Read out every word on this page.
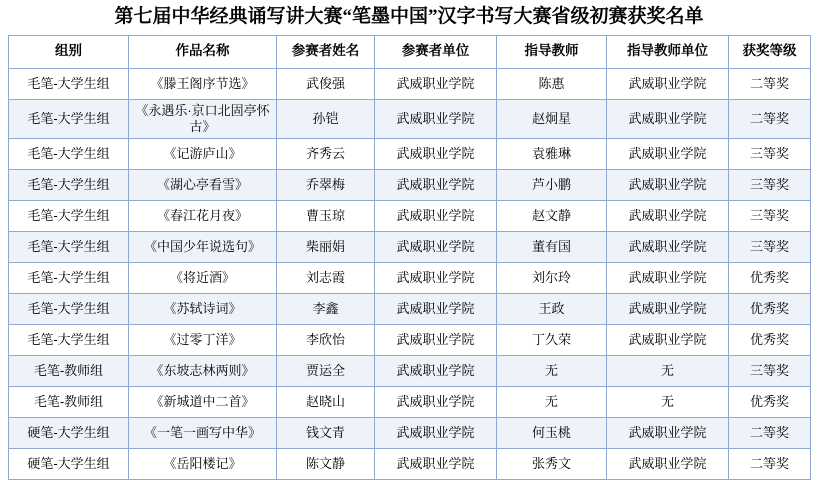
第七届中华经典诵写讲大赛“笔墨中国”汉字书写大赛省级初赛获奖名单
组别	作品名称	参赛者姓名	参赛者单位	指导教师	指导教师单位	获奖等级
毛笔-大学生组	《滕王阁序节选》	武俊强	武威职业学院	陈惠	武威职业学院	二等奖
毛笔-大学生组	《永遇乐·京口北固亭怀古》	孙铠	武威职业学院	赵炯星	武威职业学院	二等奖
毛笔-大学生组	《记游庐山》	齐秀云	武威职业学院	袁雅琳	武威职业学院	三等奖
毛笔-大学生组	《湖心亭看雪》	乔翠梅	武威职业学院	芦小鹏	武威职业学院	三等奖
毛笔-大学生组	《春江花月夜》	曹玉琼	武威职业学院	赵文静	武威职业学院	三等奖
毛笔-大学生组	《中国少年说选句》	柴丽娟	武威职业学院	董有国	武威职业学院	三等奖
毛笔-大学生组	《将近酒》	刘志霞	武威职业学院	刘尔玲	武威职业学院	优秀奖
毛笔-大学生组	《苏轼诗词》	李鑫	武威职业学院	王政	武威职业学院	优秀奖
毛笔-大学生组	《过零丁洋》	李欣怡	武威职业学院	丁久荣	武威职业学院	优秀奖
毛笔-教师组	《东坡志林两则》	贾运全	武威职业学院	无	无	三等奖
毛笔-教师组	《新城道中二首》	赵晓山	武威职业学院	无	无	优秀奖
硬笔-大学生组	《一笔一画写中华》	钱文青	武威职业学院	何玉桃	武威职业学院	二等奖
硬笔-大学生组	《岳阳楼记》	陈文静	武威职业学院	张秀文	武威职业学院	二等奖
